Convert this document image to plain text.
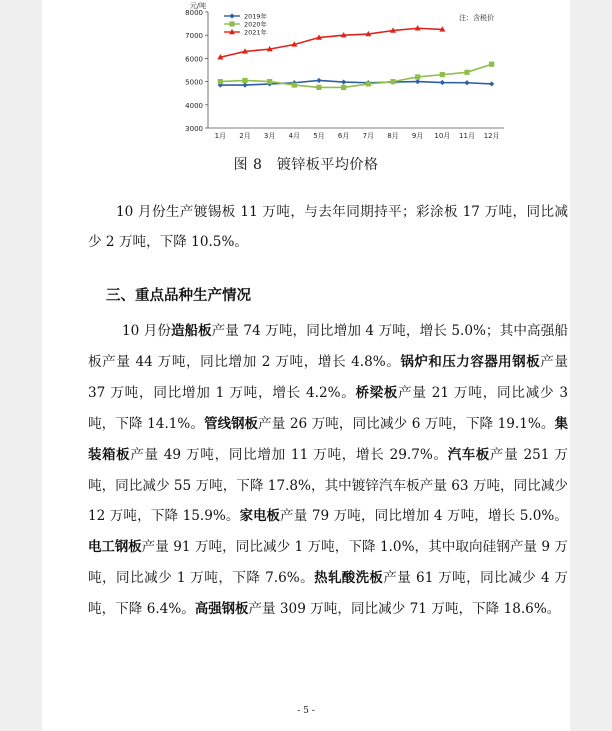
8000
7000
6000
5000
4000
3000
元/吨
1月 2月 3月 4月 5月 6月 7月 8月 9月 10月 11月 12月
2019年
2020年
2021年
注：含税价
图 8　镀锌板平均价格

10 月份生产镀锡板 11 万吨，与去年同期持平；彩涂板 17 万吨，同比减少 2 万吨，下降 10.5%。

三、重点品种生产情况

10 月份造船板产量 74 万吨，同比增加 4 万吨，增长 5.0%；其中高强船板产量 44 万吨，同比增加 2 万吨，增长 4.8%。锅炉和压力容器用钢板产量 37 万吨，同比增加 1 万吨，增长 4.2%。桥梁板产量 21 万吨，同比减少 3 吨，下降 14.1%。管线钢板产量 26 万吨，同比减少 6 万吨，下降 19.1%。集装箱板产量 49 万吨，同比增加 11 万吨，增长 29.7%。汽车板产量 251 万吨，同比减少 55 万吨，下降 17.8%，其中镀锌汽车板产量 63 万吨，同比减少 12 万吨，下降 15.9%。家电板产量 79 万吨，同比增加 4 万吨，增长 5.0%。电工钢板产量 91 万吨，同比减少 1 万吨，下降 1.0%，其中取向硅钢产量 9 万吨，同比减少 1 万吨，下降 7.6%。热轧酸洗板产量 61 万吨，同比减少 4 万吨，下降 6.4%。高强钢板产量 309 万吨，同比减少 71 万吨，下降 18.6%。

- 5 -
